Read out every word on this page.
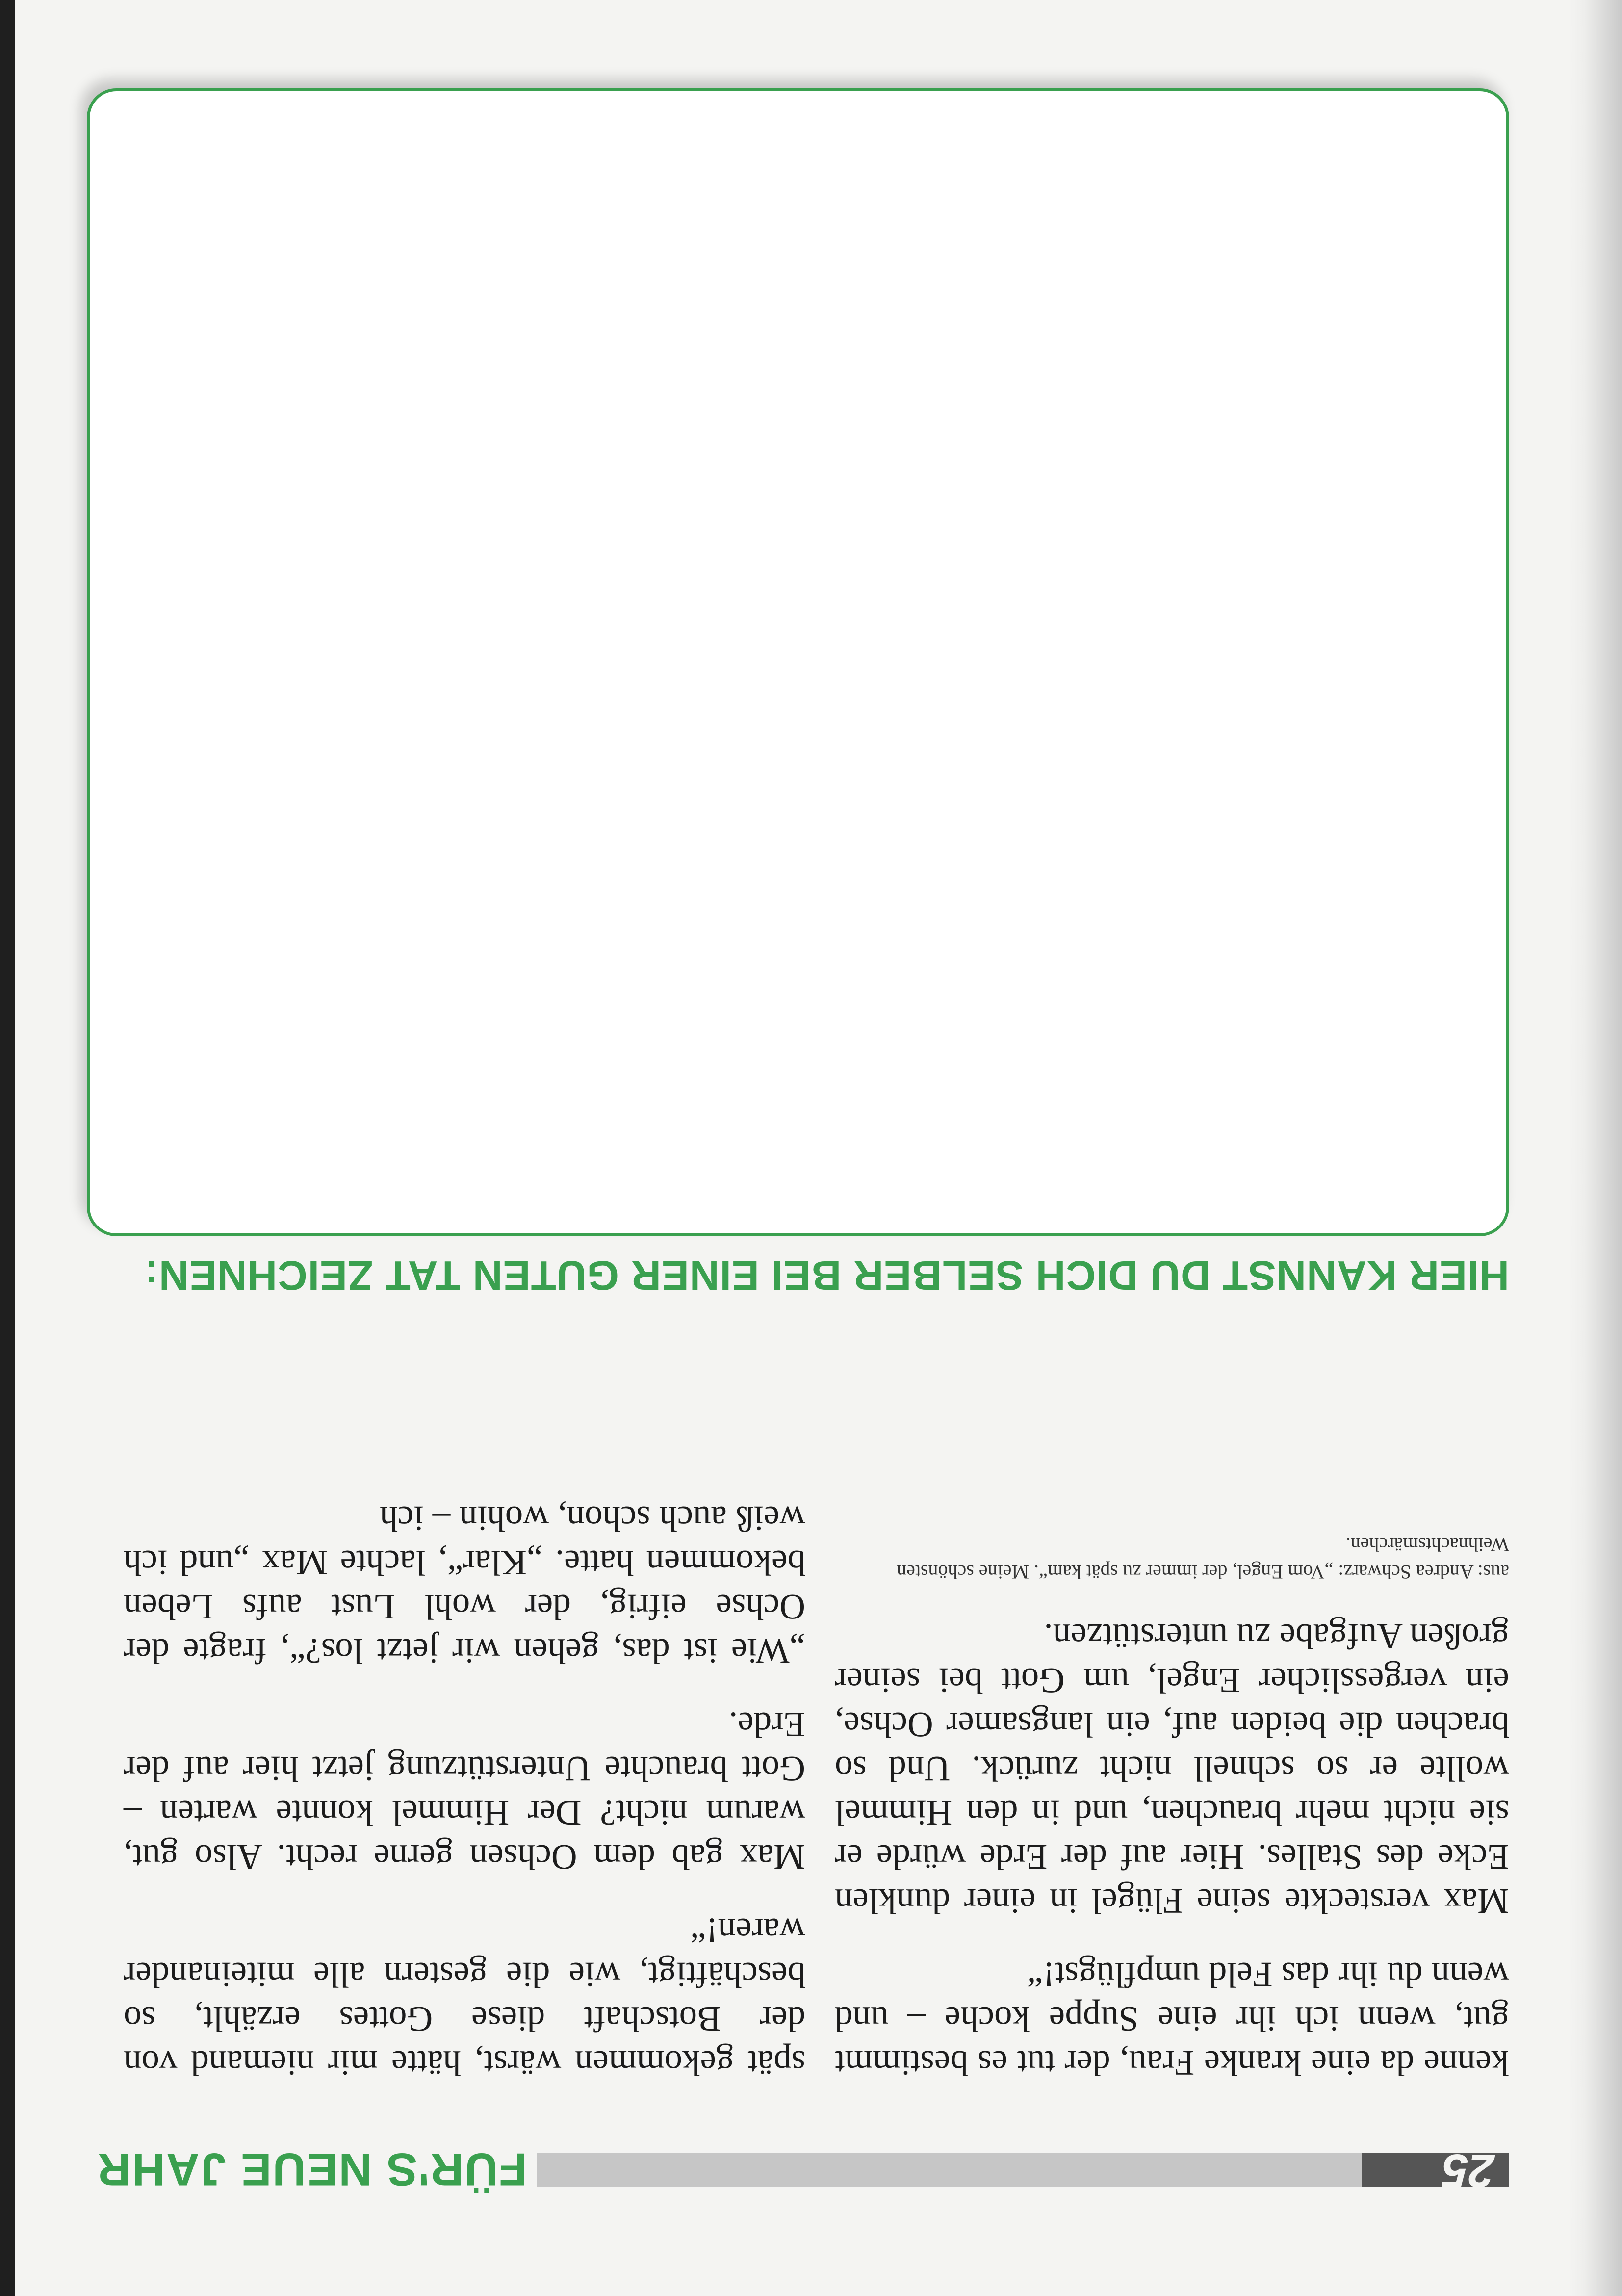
25
FÜR'S NEUE JAHR

kenne da eine kranke Frau, der tut es bestimmt gut, wenn ich ihr eine Suppe koche – und wenn du ihr das Feld umpflügst!“

Max versteckte seine Flügel in einer dunklen Ecke des Stalles. Hier auf der Erde würde er sie nicht mehr brauchen, und in den Himmel wollte er so schnell nicht zurück. Und so brachen die beiden auf, ein langsamer Ochse, ein vergesslicher Engel, um Gott bei seiner großen Aufgabe zu unterstützen.

aus: Andrea Schwarz: „Vom Engel, der immer zu spät kam“. Meine schönsten Weihnachtsmärchen.

spät gekommen wärst, hätte mir niemand von der Botschaft diese Gottes erzählt, so beschäftigt, wie die gestern alle miteinander waren!“

Max gab dem Ochsen gerne recht. Also gut, warum nicht? Der Himmel konnte warten – Gott brauchte Unterstützung jetzt hier auf der Erde.

„Wie ist das, gehen wir jetzt los?“, fragte der Ochse eifrig, der wohl Lust aufs Leben bekommen hatte. „Klar“, lachte Max „und ich weiß auch schon, wohin – ich

HIER KANNST DU DICH SELBER BEI EINER GUTEN TAT ZEICHNEN:
